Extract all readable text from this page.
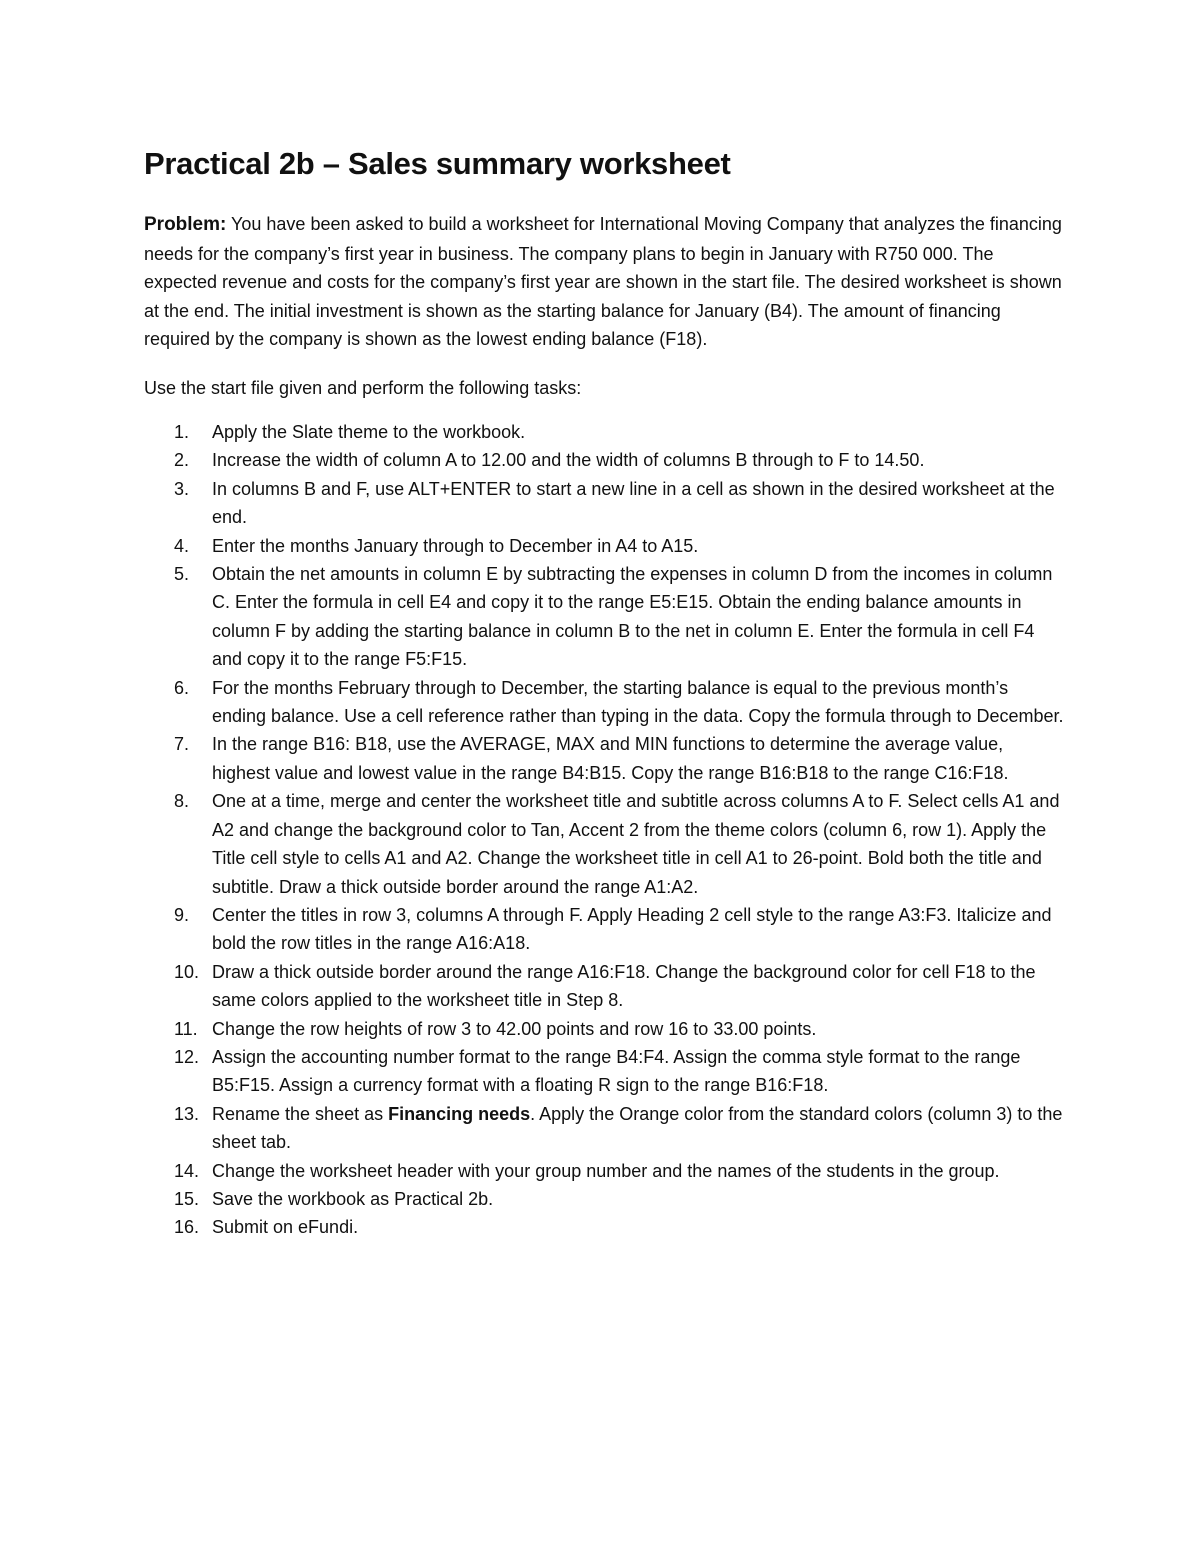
Practical 2b – Sales summary worksheet

Problem: You have been asked to build a worksheet for International Moving Company that analyzes the financing needs for the company’s first year in business. The company plans to begin in January with R750 000. The expected revenue and costs for the company’s first year are shown in the start file. The desired worksheet is shown at the end. The initial investment is shown as the starting balance for January (B4). The amount of financing required by the company is shown as the lowest ending balance (F18).

Use the start file given and perform the following tasks:

1. Apply the Slate theme to the workbook.
2. Increase the width of column A to 12.00 and the width of columns B through to F to 14.50.
3. In columns B and F, use ALT+ENTER to start a new line in a cell as shown in the desired worksheet at the end.
4. Enter the months January through to December in A4 to A15.
5. Obtain the net amounts in column E by subtracting the expenses in column D from the incomes in column C. Enter the formula in cell E4 and copy it to the range E5:E15. Obtain the ending balance amounts in column F by adding the starting balance in column B to the net in column E. Enter the formula in cell F4 and copy it to the range F5:F15.
6. For the months February through to December, the starting balance is equal to the previous month’s ending balance. Use a cell reference rather than typing in the data. Copy the formula through to December.
7. In the range B16: B18, use the AVERAGE, MAX and MIN functions to determine the average value, highest value and lowest value in the range B4:B15. Copy the range B16:B18 to the range C16:F18.
8. One at a time, merge and center the worksheet title and subtitle across columns A to F. Select cells A1 and A2 and change the background color to Tan, Accent 2 from the theme colors (column 6, row 1). Apply the Title cell style to cells A1 and A2. Change the worksheet title in cell A1 to 26-point. Bold both the title and subtitle. Draw a thick outside border around the range A1:A2.
9. Center the titles in row 3, columns A through F. Apply Heading 2 cell style to the range A3:F3. Italicize and bold the row titles in the range A16:A18.
10. Draw a thick outside border around the range A16:F18. Change the background color for cell F18 to the same colors applied to the worksheet title in Step 8.
11. Change the row heights of row 3 to 42.00 points and row 16 to 33.00 points.
12. Assign the accounting number format to the range B4:F4. Assign the comma style format to the range B5:F15. Assign a currency format with a floating R sign to the range B16:F18.
13. Rename the sheet as Financing needs. Apply the Orange color from the standard colors (column 3) to the sheet tab.
14. Change the worksheet header with your group number and the names of the students in the group.
15. Save the workbook as Practical 2b.
16. Submit on eFundi.
